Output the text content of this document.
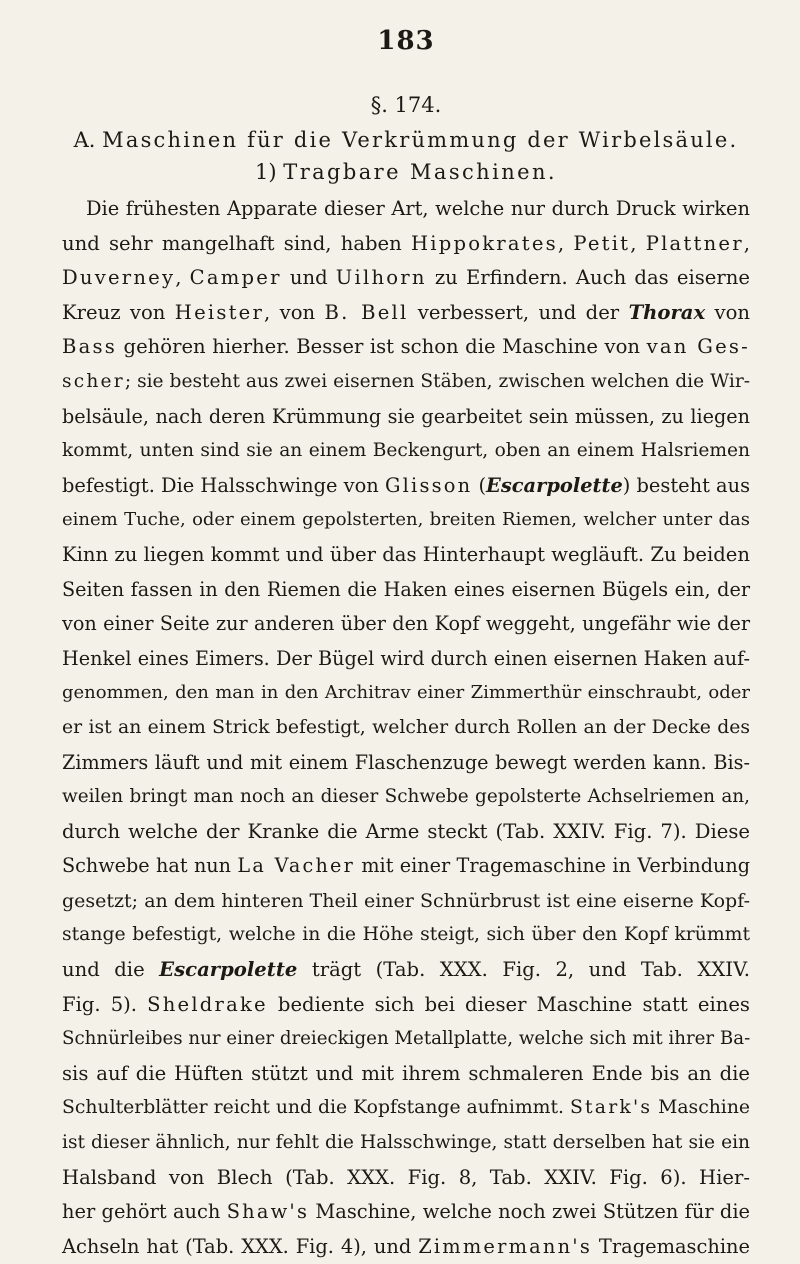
183
§. 174.
A. Maschinen für die Verkrümmung der Wirbelsäule.
1) Tragbare Maschinen.
Die frühesten Apparate dieser Art, welche nur durch Druck wirken
und sehr mangelhaft sind, haben Hippokrates, Petit, Plattner,
Duverney, Camper und Uilhorn zu Erfindern. Auch das eiserne
Kreuz von Heister, von B. Bell verbessert, und der Thorax von
Bass gehören hierher. Besser ist schon die Maschine von van Ges-
scher; sie besteht aus zwei eisernen Stäben, zwischen welchen die Wir-
belsäule, nach deren Krümmung sie gearbeitet sein müssen, zu liegen
kommt, unten sind sie an einem Beckengurt, oben an einem Halsriemen
befestigt. Die Halsschwinge von Glisson (Escarpolette) besteht aus
einem Tuche, oder einem gepolsterten, breiten Riemen, welcher unter das
Kinn zu liegen kommt und über das Hinterhaupt wegläuft. Zu beiden
Seiten fassen in den Riemen die Haken eines eisernen Bügels ein, der
von einer Seite zur anderen über den Kopf weggeht, ungefähr wie der
Henkel eines Eimers. Der Bügel wird durch einen eisernen Haken auf-
genommen, den man in den Architrav einer Zimmerthür einschraubt, oder
er ist an einem Strick befestigt, welcher durch Rollen an der Decke des
Zimmers läuft und mit einem Flaschenzuge bewegt werden kann. Bis-
weilen bringt man noch an dieser Schwebe gepolsterte Achselriemen an,
durch welche der Kranke die Arme steckt (Tab. XXIV. Fig. 7). Diese
Schwebe hat nun La Vacher mit einer Tragemaschine in Verbindung
gesetzt; an dem hinteren Theil einer Schnürbrust ist eine eiserne Kopf-
stange befestigt, welche in die Höhe steigt, sich über den Kopf krümmt
und die Escarpolette trägt (Tab. XXX. Fig. 2, und Tab. XXIV.
Fig. 5). Sheldrake bediente sich bei dieser Maschine statt eines
Schnürleibes nur einer dreieckigen Metallplatte, welche sich mit ihrer Ba-
sis auf die Hüften stützt und mit ihrem schmaleren Ende bis an die
Schulterblätter reicht und die Kopfstange aufnimmt. Stark's Maschine
ist dieser ähnlich, nur fehlt die Halsschwinge, statt derselben hat sie ein
Halsband von Blech (Tab. XXX. Fig. 8, Tab. XXIV. Fig. 6). Hier-
her gehört auch Shaw's Maschine, welche noch zwei Stützen für die
Achseln hat (Tab. XXX. Fig. 4), und Zimmermann's Tragemaschine
